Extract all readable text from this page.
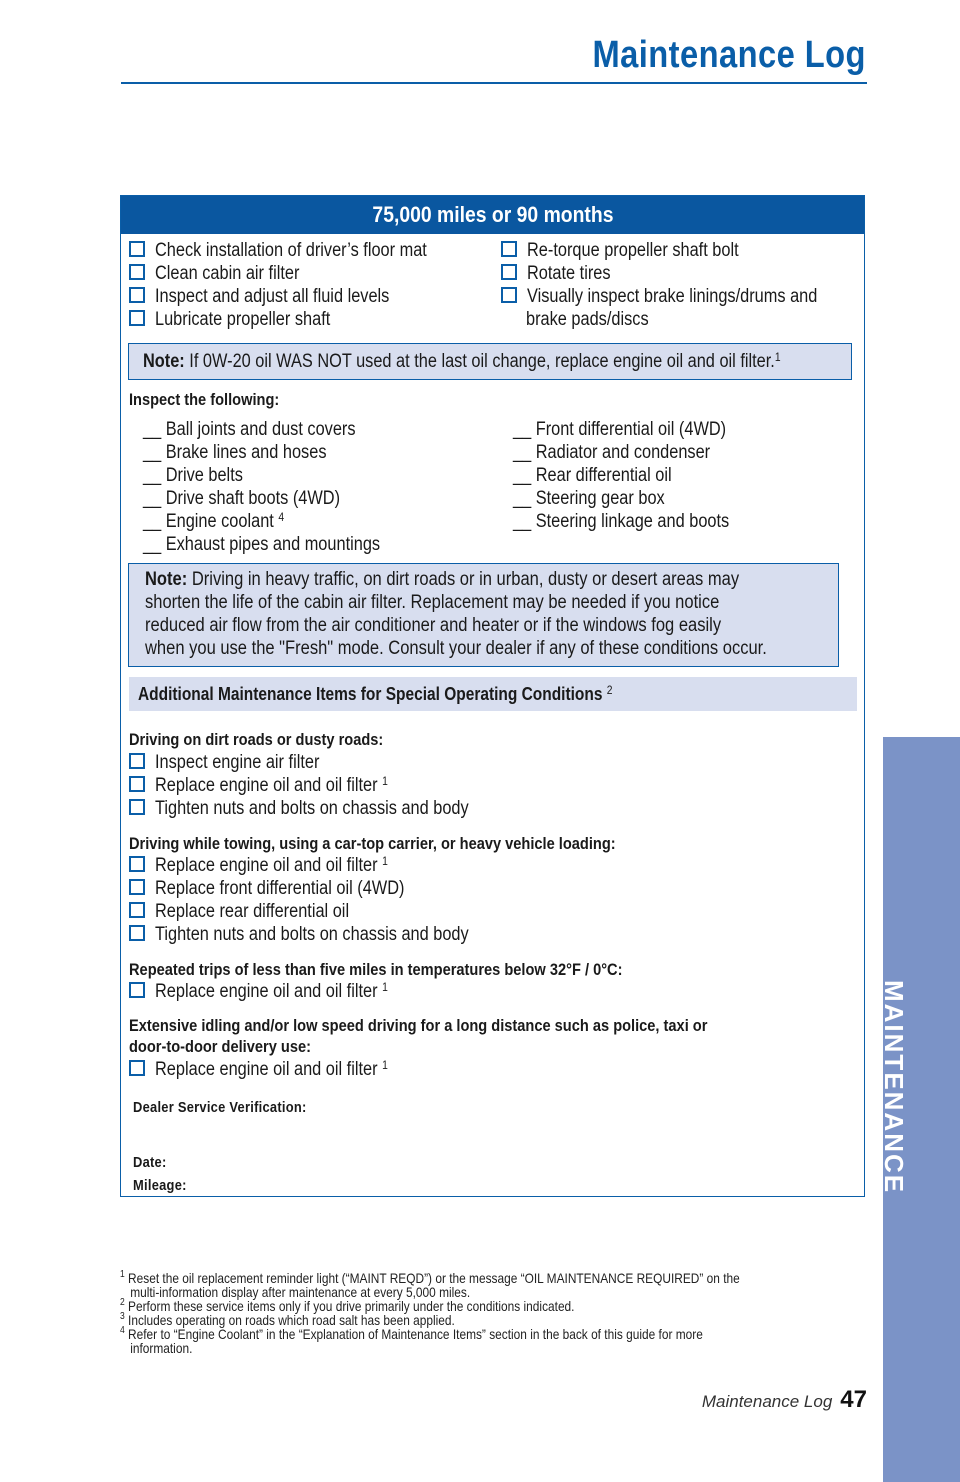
Maintenance Log
75,000 miles or 90 months
Check installation of driver’s floor mat
Clean cabin air filter
Inspect and adjust all fluid levels
Lubricate propeller shaft
Re-torque propeller shaft bolt
Rotate tires
Visually inspect brake linings/drums and
brake pads/discs
Note: If 0W-20 oil WAS NOT used at the last oil change, replace engine oil and oil filter.$^1$
Inspect the following:
__ Ball joints and dust covers
__ Brake lines and hoses
__ Drive belts
__ Drive shaft boots (4WD)
__ Engine coolant $^4$
__ Exhaust pipes and mountings
__ Front differential oil (4WD)
__ Radiator and condenser
__ Rear differential oil
__ Steering gear box
__ Steering linkage and boots
Note: Driving in heavy traffic, on dirt roads or in urban, dusty or desert areas may
shorten the life of the cabin air filter. Replacement may be needed if you notice
reduced air flow from the air conditioner and heater or if the windows fog easily
when you use the "Fresh" mode. Consult your dealer if any of these conditions occur.
Additional Maintenance Items for Special Operating Conditions $^2$
Driving on dirt roads or dusty roads:
Inspect engine air filter
Replace engine oil and oil filter $^1$
Tighten nuts and bolts on chassis and body
Driving while towing, using a car-top carrier, or heavy vehicle loading:
Replace engine oil and oil filter $^1$
Replace front differential oil (4WD)
Replace rear differential oil
Tighten nuts and bolts on chassis and body
Repeated trips of less than five miles in temperatures below 32°F / 0°C:
Replace engine oil and oil filter $^1$
Extensive idling and/or low speed driving for a long distance such as police, taxi or
door-to-door delivery use:
Replace engine oil and oil filter $^1$
Dealer Service Verification:
Date:
Mileage:	MAINTENANCE
$^1$ Reset the oil replacement reminder light (“MAINT REQD”) or the message “OIL MAINTENANCE REQUIRED” on the
multi-information display after maintenance at every 5,000 miles.
$^2$ Perform these service items only if you drive primarily under the conditions indicated.
$^3$ Includes operating on roads which road salt has been applied.
$^4$ Refer to “Engine Coolant” in the “Explanation of Maintenance Items” section in the back of this guide for more
information.
Maintenance Log 47
